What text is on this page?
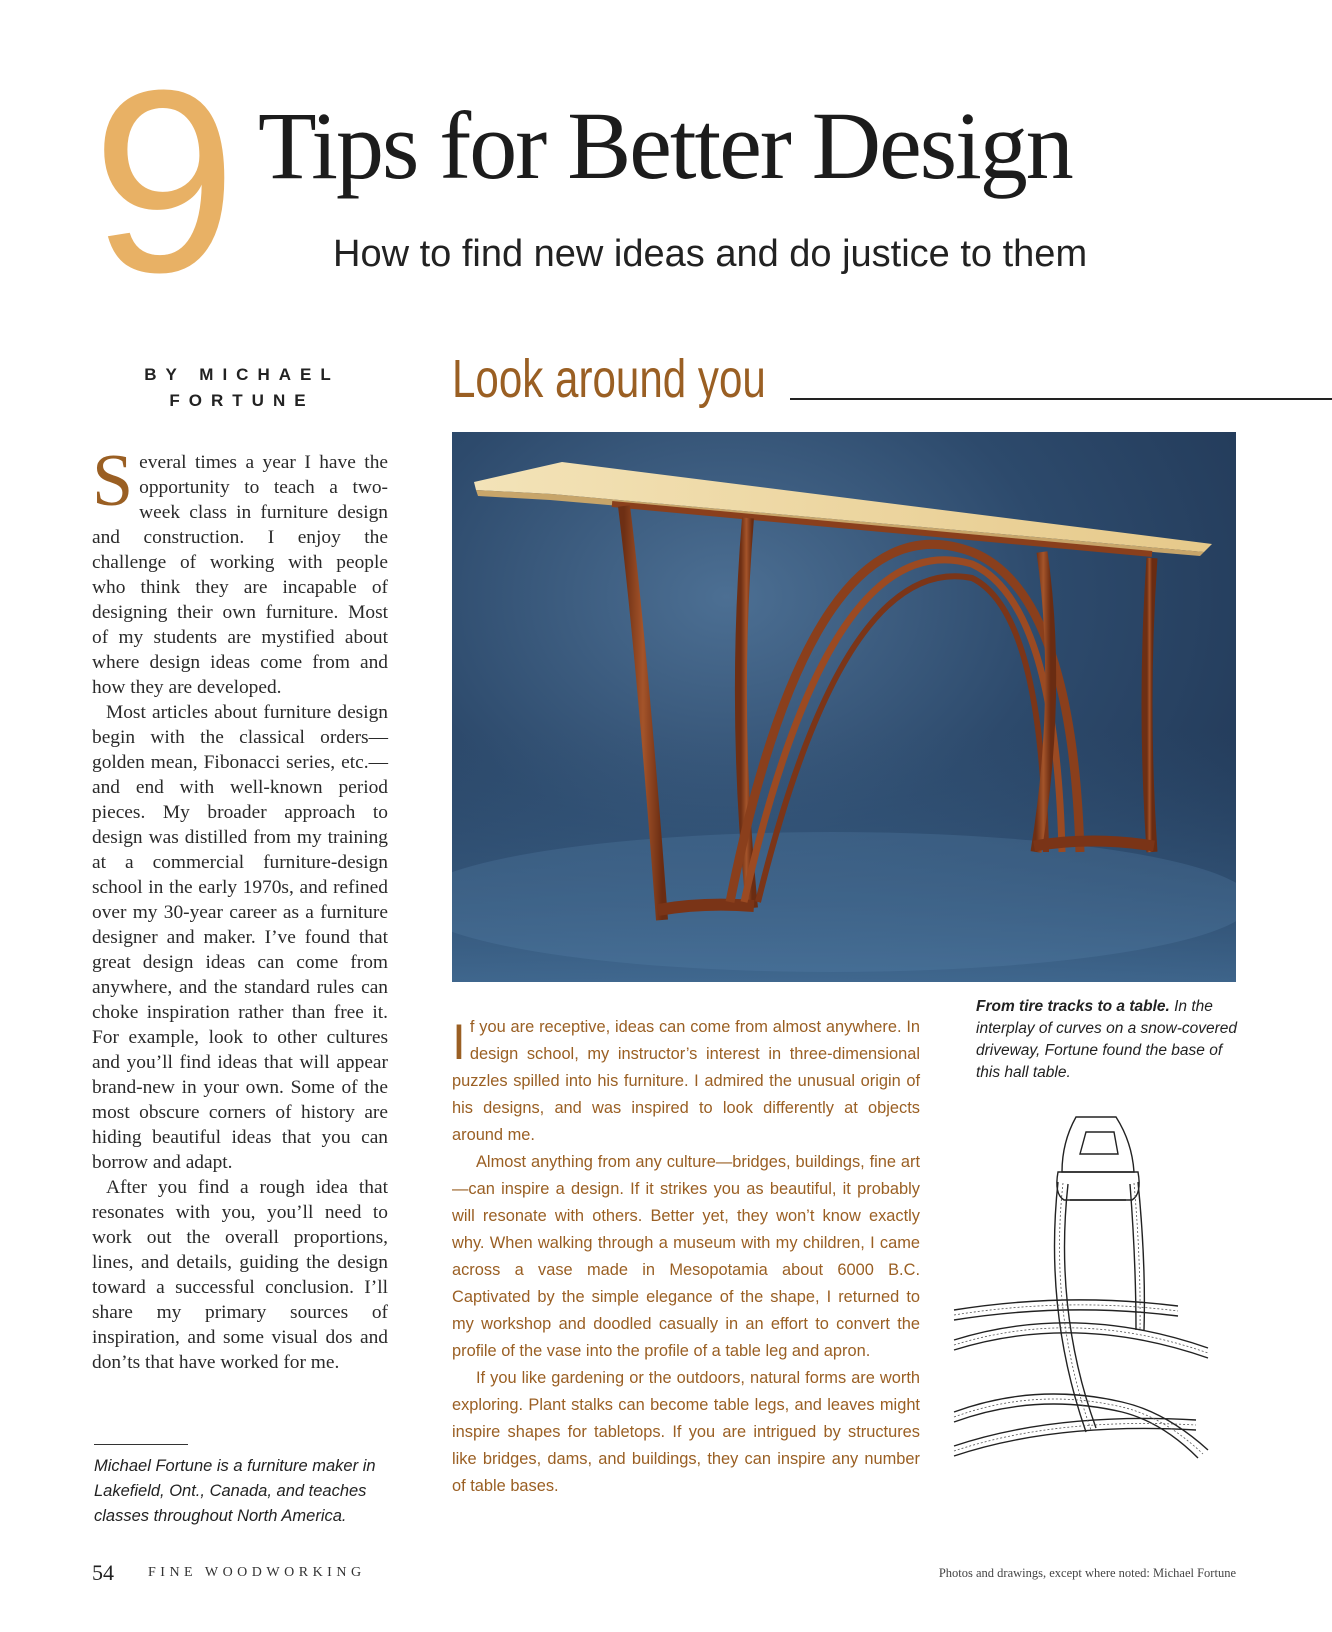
9 Tips for Better Design
How to find new ideas and do justice to them
BY MICHAEL
FORTUNE

Several times a year I have the opportunity to teach a two-week class in furniture design and construction. I enjoy the challenge of working with people who think they are incapable of designing their own furniture. Most of my students are mystified about where design ideas come from and how they are developed.

Most articles about furniture design begin with the classical orders—golden mean, Fibonacci series, etc.—and end with well-known period pieces. My broader approach to design was distilled from my training at a commercial furniture-design school in the early 1970s, and refined over my 30-year career as a furniture designer and maker. I’ve found that great design ideas can come from anywhere, and the standard rules can choke inspiration rather than free it. For example, look to other cultures and you’ll find ideas that will appear brand-new in your own. Some of the most obscure corners of history are hiding beautiful ideas that you can borrow and adapt.

After you find a rough idea that resonates with you, you’ll need to work out the overall proportions, lines, and details, guiding the design toward a successful conclusion. I’ll share my primary sources of inspiration, and some visual dos and don’ts that have worked for me.

Michael Fortune is a furniture maker in Lakefield, Ont., Canada, and teaches classes throughout North America.
Look around you
From tire tracks to a table. In the interplay of curves on a snow-covered driveway, Fortune found the base of this hall table.

If you are receptive, ideas can come from almost anywhere. In design school, my instructor’s interest in three-dimensional puzzles spilled into his furniture. I admired the unusual origin of his designs, and was inspired to look differently at objects around me.

Almost anything from any culture—bridges, buildings, fine art—can inspire a design. If it strikes you as beautiful, it probably will resonate with others. Better yet, they won’t know exactly why. When walking through a museum with my children, I came across a vase made in Mesopotamia about 6000 B.C. Captivated by the simple elegance of the shape, I returned to my workshop and doodled casually in an effort to convert the profile of the vase into the profile of a table leg and apron.

If you like gardening or the outdoors, natural forms are worth exploring. Plant stalks can become table legs, and leaves might inspire shapes for tabletops. If you are intrigued by structures like bridges, dams, and buildings, they can inspire any number of table bases.

54 FINE WOODWORKING	Photos and drawings, except where noted: Michael Fortune
